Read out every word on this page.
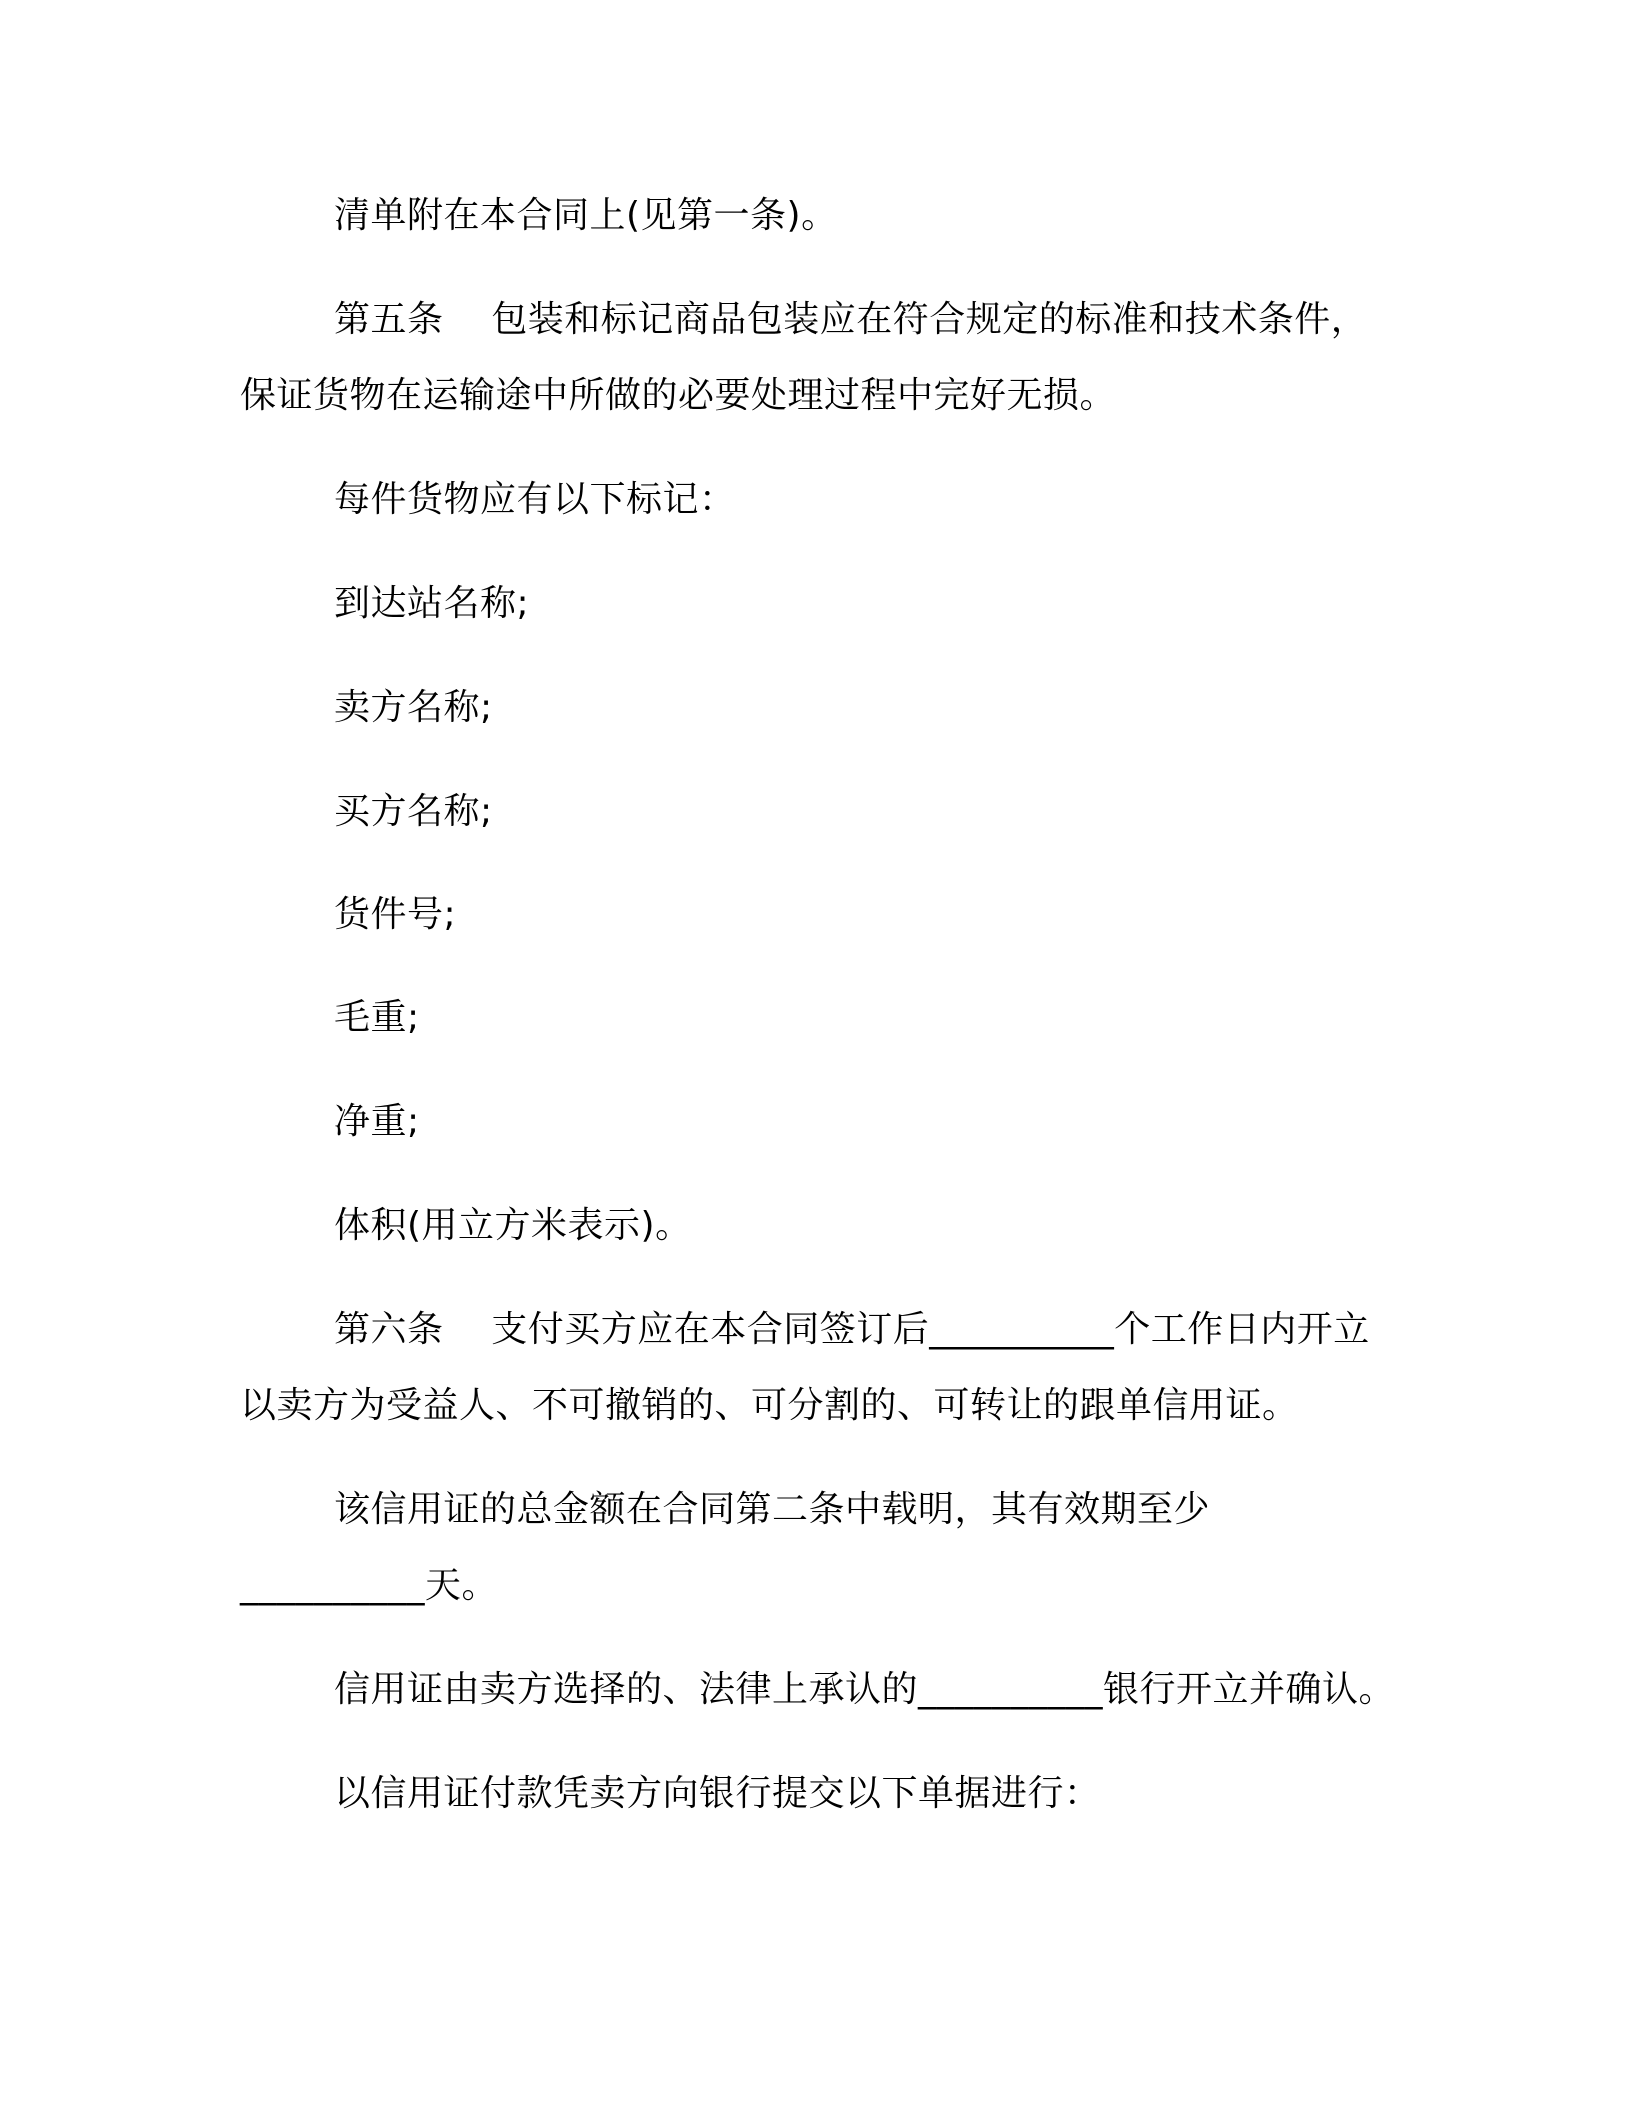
清单附在本合同上(见第一条)。
第五条    包装和标记商品包装应在符合规定的标准和技术条件，
保证货物在运输途中所做的必要处理过程中完好无损。
每件货物应有以下标记：
到达站名称;
卖方名称;
买方名称;
货件号;
毛重;
净重;
体积(用立方米表示)。
第六条    支付买方应在本合同签订后__________个工作日内开立
以卖方为受益人、不可撤销的、可分割的、可转让的跟单信用证。
该信用证的总金额在合同第二条中载明，其有效期至少
__________天。
信用证由卖方选择的、法律上承认的__________银行开立并确认。
以信用证付款凭卖方向银行提交以下单据进行：
